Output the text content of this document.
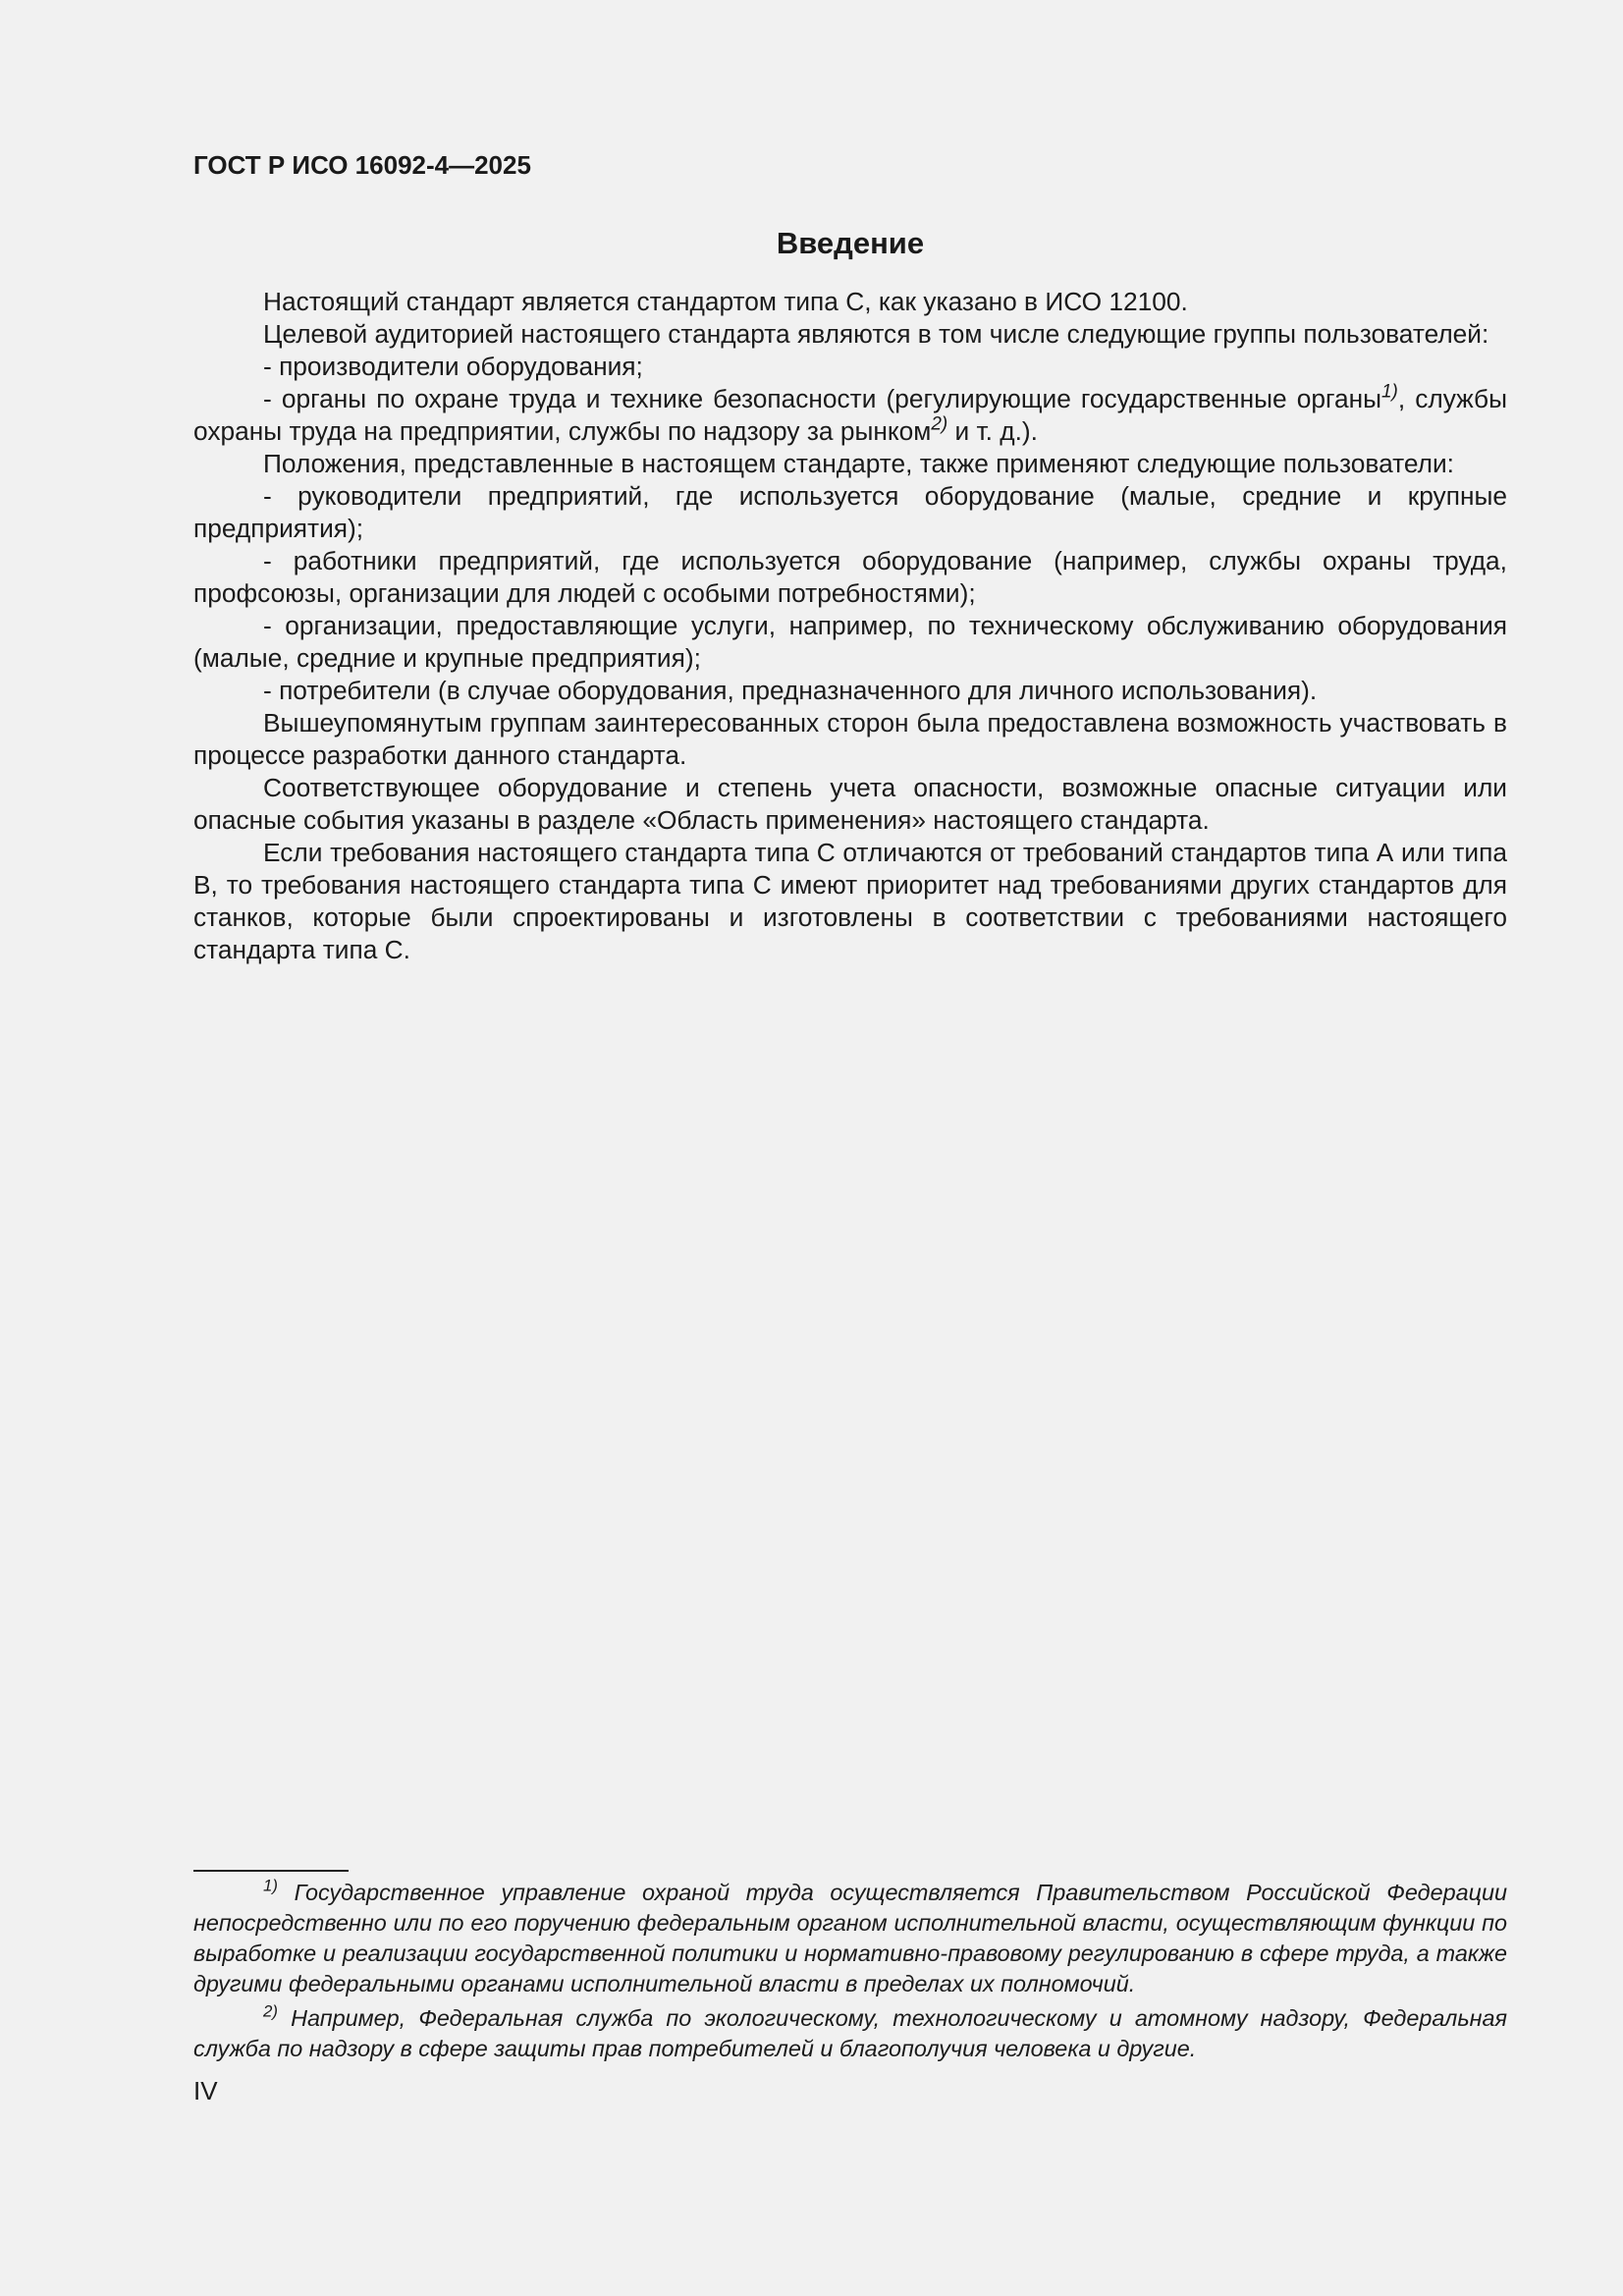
ГОСТ Р ИСО 16092-4—2025
Введение

Настоящий стандарт является стандартом типа С, как указано в ИСО 12100.

Целевой аудиторией настоящего стандарта являются в том числе следующие группы пользователей:

- производители оборудования;

- органы по охране труда и технике безопасности (регулирующие государственные органы$^{1)}$, службы охраны труда на предприятии, службы по надзору за рынком$^{2)}$ и т. д.).

Положения, представленные в настоящем стандарте, также применяют следующие пользователи:

- руководители предприятий, где используется оборудование (малые, средние и крупные предприятия);

- работники предприятий, где используется оборудование (например, службы охраны труда, профсоюзы, организации для людей с особыми потребностями);

- организации, предоставляющие услуги, например, по техническому обслуживанию оборудования (малые, средние и крупные предприятия);

- потребители (в случае оборудования, предназначенного для личного использования).

Вышеупомянутым группам заинтересованных сторон была предоставлена возможность участвовать в процессе разработки данного стандарта.

Соответствующее оборудование и степень учета опасности, возможные опасные ситуации или опасные события указаны в разделе «Область применения» настоящего стандарта.

Если требования настоящего стандарта типа С отличаются от требований стандартов типа А или типа В, то требования настоящего стандарта типа С имеют приоритет над требованиями других стандартов для станков, которые были спроектированы и изготовлены в соответствии с требованиями настоящего стандарта типа С.

$^{1)}$ Государственное управление охраной труда осуществляется Правительством Российской Федерации непосредственно или по его поручению федеральным органом исполнительной власти, осуществляющим функции по выработке и реализации государственной политики и нормативно-правовому регулированию в сфере труда, а также другими федеральными органами исполнительной власти в пределах их полномочий.

$^{2)}$ Например, Федеральная служба по экологическому, технологическому и атомному надзору, Федеральная служба по надзору в сфере защиты прав потребителей и благополучия человека и другие.

IV
